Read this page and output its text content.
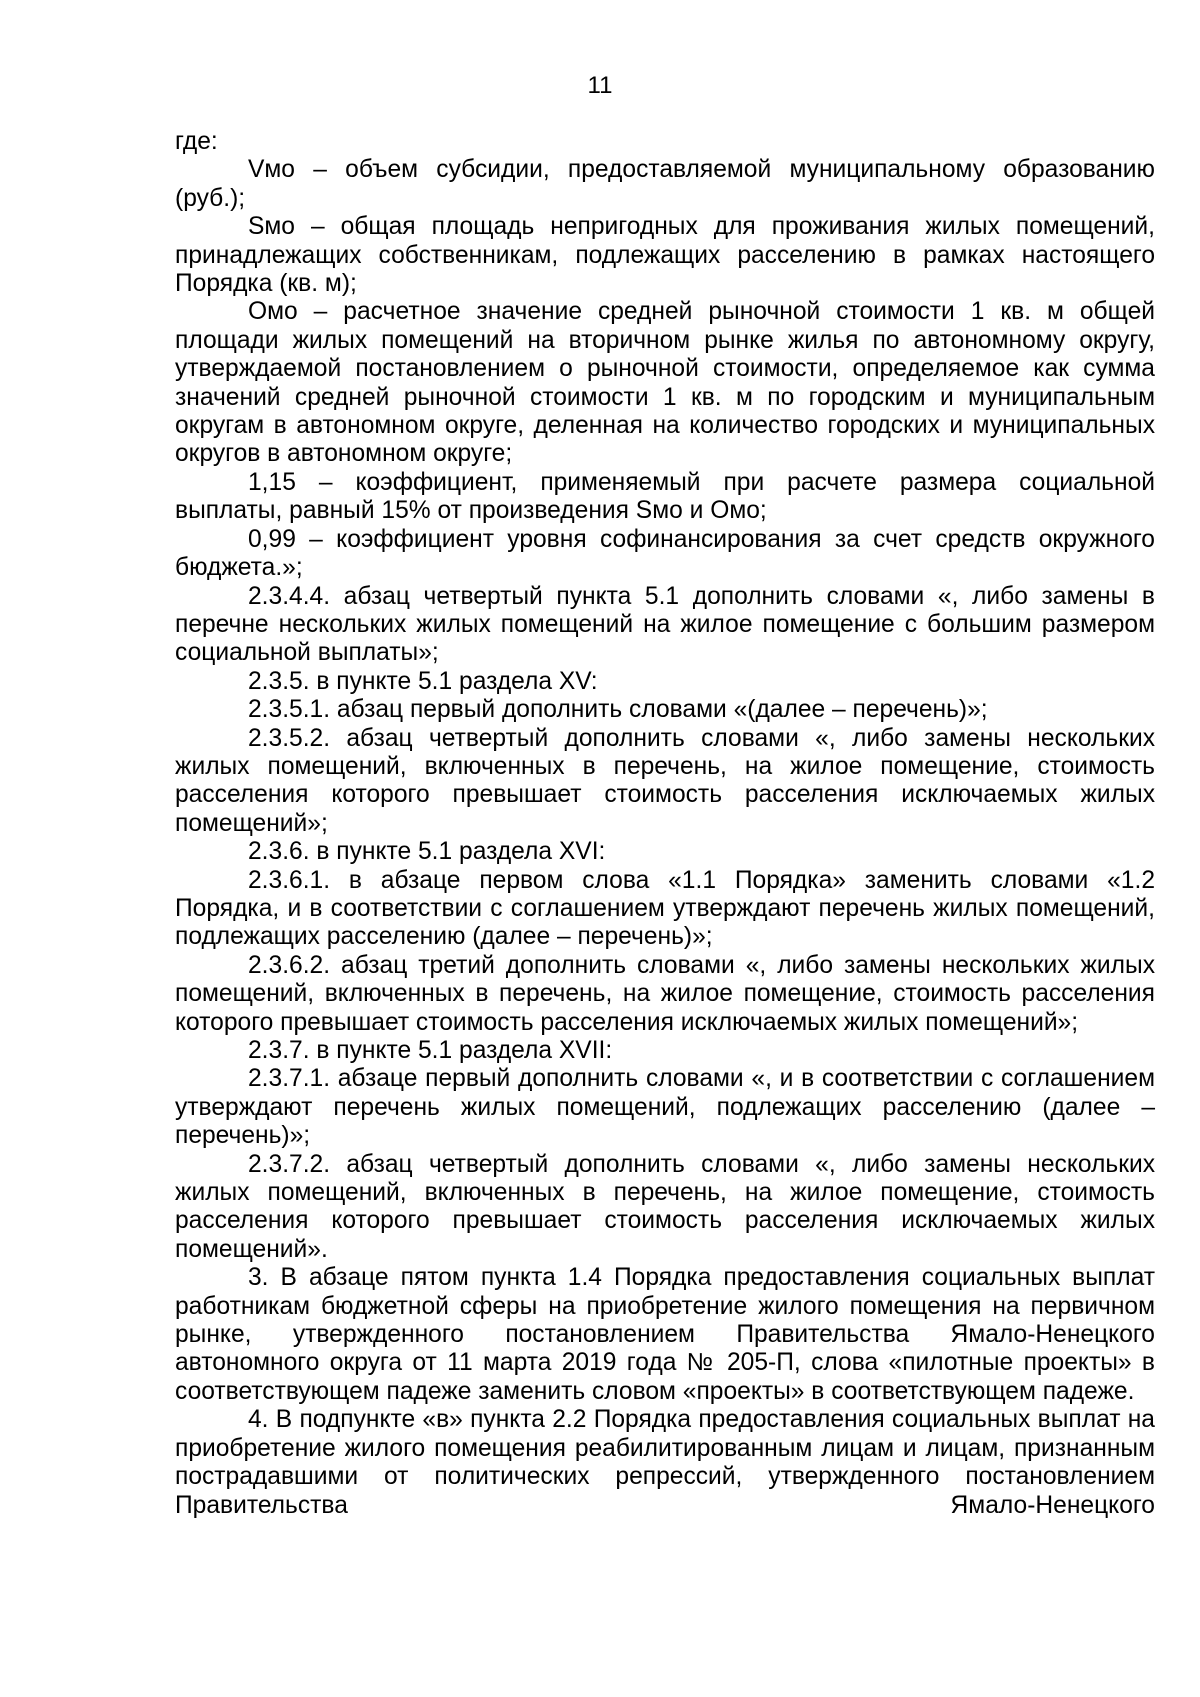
11

где:

Vмо – объем субсидии, предоставляемой муниципальному образованию (руб.);

Sмо – общая площадь непригодных для проживания жилых помещений, принадлежащих собственникам, подлежащих расселению в рамках настоящего Порядка (кв. м);

Омо – расчетное значение средней рыночной стоимости 1 кв. м общей площади жилых помещений на вторичном рынке жилья по автономному округу, утверждаемой постановлением о рыночной стоимости, определяемое как сумма значений средней рыночной стоимости 1 кв. м по городским и муниципальным округам в автономном округе, деленная на количество городских и муниципальных округов в автономном округе;

1,15 – коэффициент, применяемый при расчете размера социальной выплаты, равный 15% от произведения Sмо и Омо;

0,99 – коэффициент уровня софинансирования за счет средств окружного бюджета.»;

2.3.4.4. абзац четвертый пункта 5.1 дополнить словами «, либо замены в перечне нескольких жилых помещений на жилое помещение с большим размером социальной выплаты»;

2.3.5. в пункте 5.1 раздела XV:

2.3.5.1. абзац первый дополнить словами «(далее – перечень)»;

2.3.5.2. абзац четвертый дополнить словами «, либо замены нескольких жилых помещений, включенных в перечень, на жилое помещение, стоимость расселения которого превышает стоимость расселения исключаемых жилых помещений»;

2.3.6. в пункте 5.1 раздела XVI:

2.3.6.1. в абзаце первом слова «1.1 Порядка» заменить словами «1.2 Порядка, и в соответствии с соглашением утверждают перечень жилых помещений, подлежащих расселению (далее – перечень)»;

2.3.6.2. абзац третий дополнить словами «, либо замены нескольких жилых помещений, включенных в перечень, на жилое помещение, стоимость расселения которого превышает стоимость расселения исключаемых жилых помещений»;

2.3.7. в пункте 5.1 раздела XVII:

2.3.7.1. абзаце первый дополнить словами «, и в соответствии с соглашением утверждают перечень жилых помещений, подлежащих расселению (далее – перечень)»;

2.3.7.2. абзац четвертый дополнить словами «, либо замены нескольких жилых помещений, включенных в перечень, на жилое помещение, стоимость расселения которого превышает стоимость расселения исключаемых жилых помещений».

3. В абзаце пятом пункта 1.4 Порядка предоставления социальных выплат работникам бюджетной сферы на приобретение жилого помещения на первичном рынке, утвержденного постановлением Правительства Ямало-Ненецкого автономного округа от 11 марта 2019 года № 205-П, слова «пилотные проекты» в соответствующем падеже заменить словом «проекты» в соответствующем падеже.

4. В подпункте «в» пункта 2.2 Порядка предоставления социальных выплат на приобретение жилого помещения реабилитированным лицам и лицам, признанным пострадавшими от политических репрессий, утвержденного постановлением Правительства Ямало-Ненецкого
